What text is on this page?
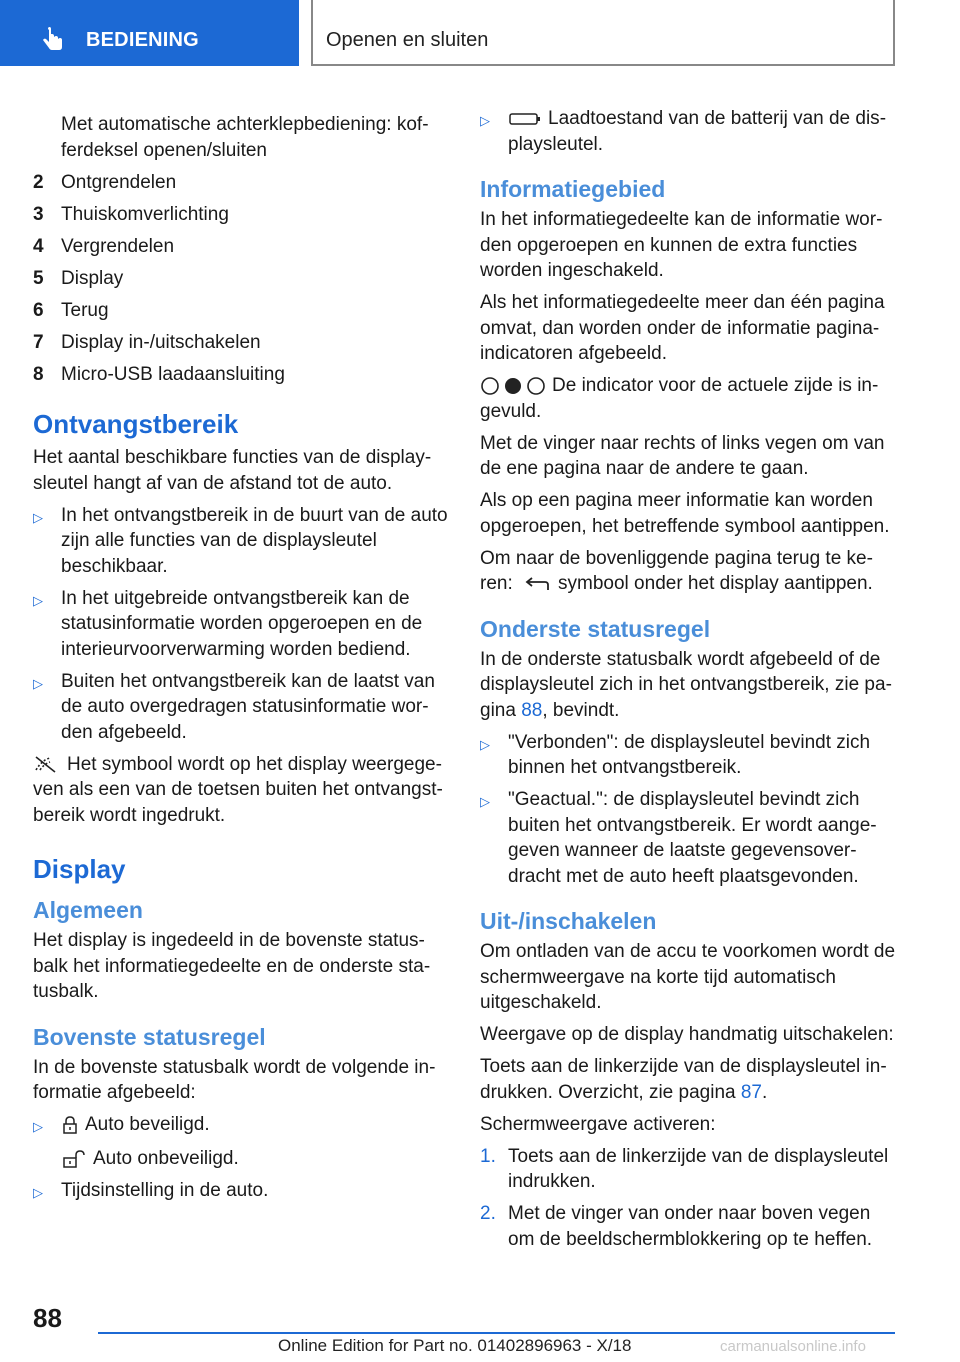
BEDIENING	Openen en sluiten
Met automatische achterklepbediening: kofferdeksel openen/sluiten
2 Ontgrendelen
3 Thuiskomverlichting
4 Vergrendelen
5 Display
6 Terug
7 Display in-/uitschakelen
8 Micro-USB laadaansluiting
Ontvangstbereik
Het aantal beschikbare functies van de displaysleutel hangt af van de afstand tot de auto.
▷ In het ontvangstbereik in de buurt van de auto zijn alle functies van de displaysleutel beschikbaar.
▷ In het uitgebreide ontvangstbereik kan de statusinformatie worden opgeroepen en de interieurvoorverwarming worden bediend.
▷ Buiten het ontvangstbereik kan de laatst van de auto overgedragen statusinformatie worden afgebeeld.
Het symbool wordt op het display weergegeven als een van de toetsen buiten het ontvangstbereik wordt ingedrukt.
Display
Algemeen
Het display is ingedeeld in de bovenste statusbalk het informatiegedeelte en de onderste statusbalk.
Bovenste statusregel
In de bovenste statusbalk wordt de volgende informatie afgebeeld:
▷	Auto beveiligd.
Auto onbeveiligd.
▷ Tijdsinstelling in de auto.
▷	Laadtoestand van de batterij van de displaysleutel.
Informatiegebied
In het informatiegedeelte kan de informatie worden opgeroepen en kunnen de extra functies worden ingeschakeld.
Als het informatiegedeelte meer dan één pagina omvat, dan worden onder de informatie pagina-indicatoren afgebeeld.
De indicator voor de actuele zijde is ingevuld.
Met de vinger naar rechts of links vegen om van de ene pagina naar de andere te gaan.
Als op een pagina meer informatie kan worden opgeroepen, het betreffende symbool aantippen.
Om naar de bovenliggende pagina terug te keren: symbool onder het display aantippen.
Onderste statusregel
In de onderste statusbalk wordt afgebeeld of de displaysleutel zich in het ontvangstbereik, zie pagina 88, bevindt.
▷ "Verbonden": de displaysleutel bevindt zich binnen het ontvangstbereik.
▷ "Geactual.": de displaysleutel bevindt zich buiten het ontvangstbereik. Er wordt aangegeven wanneer de laatste gegevensoverdracht met de auto heeft plaatsgevonden.
Uit-/inschakelen
Om ontladen van de accu te voorkomen wordt de schermweergave na korte tijd automatisch uitgeschakeld.
Weergave op de display handmatig uitschakelen:
Toets aan de linkerzijde van de displaysleutel indrukken. Overzicht, zie pagina 87.
Schermweergave activeren:
1. Toets aan de linkerzijde van de displaysleutel indrukken.
2. Met de vinger van onder naar boven vegen om de beeldschermblokkering op te heffen.
88
Online Edition for Part no. 01402896963 - X/18	carmanualsonline.info
